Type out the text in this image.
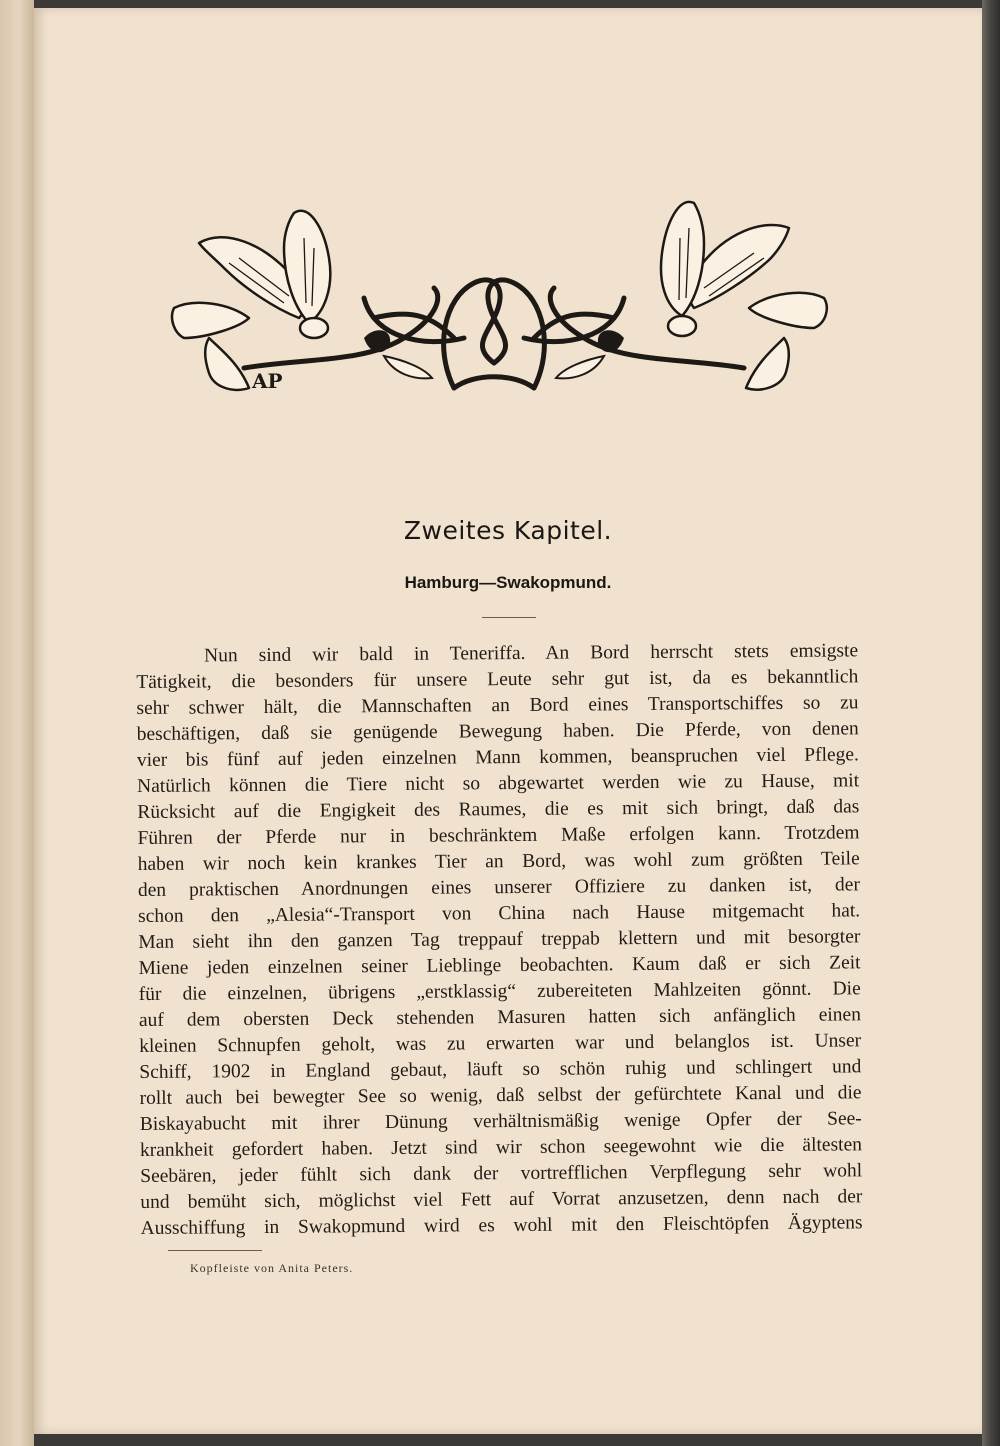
AP
Zweites Kapitel.
Hamburg—Swakopmund.
Nun sind wir bald in Teneriffa. An Bord herrscht stets emsigste
Tätigkeit, die besonders für unsere Leute sehr gut ist, da es bekanntlich
sehr schwer hält, die Mannschaften an Bord eines Transportschiffes so zu
beschäftigen, daß sie genügende Bewegung haben. Die Pferde, von denen
vier bis fünf auf jeden einzelnen Mann kommen, beanspruchen viel Pflege.
Natürlich können die Tiere nicht so abgewartet werden wie zu Hause, mit
Rücksicht auf die Engigkeit des Raumes, die es mit sich bringt, daß das
Führen der Pferde nur in beschränktem Maße erfolgen kann. Trotzdem
haben wir noch kein krankes Tier an Bord, was wohl zum größten Teile
den praktischen Anordnungen eines unserer Offiziere zu danken ist, der
schon den „Alesia“-Transport von China nach Hause mitgemacht hat.
Man sieht ihn den ganzen Tag treppauf treppab klettern und mit besorgter
Miene jeden einzelnen seiner Lieblinge beobachten. Kaum daß er sich Zeit
für die einzelnen, übrigens „erstklassig“ zubereiteten Mahlzeiten gönnt. Die
auf dem obersten Deck stehenden Masuren hatten sich anfänglich einen
kleinen Schnupfen geholt, was zu erwarten war und belanglos ist. Unser
Schiff, 1902 in England gebaut, läuft so schön ruhig und schlingert und
rollt auch bei bewegter See so wenig, daß selbst der gefürchtete Kanal und die
Biskayabucht mit ihrer Dünung verhältnismäßig wenige Opfer der See-
krankheit gefordert haben. Jetzt sind wir schon seegewohnt wie die ältesten
Seebären, jeder fühlt sich dank der vortrefflichen Verpflegung sehr wohl
und bemüht sich, möglichst viel Fett auf Vorrat anzusetzen, denn nach der
Ausschiffung in Swakopmund wird es wohl mit den Fleischtöpfen Ägyptens
Kopfleiste von Anita Peters.
